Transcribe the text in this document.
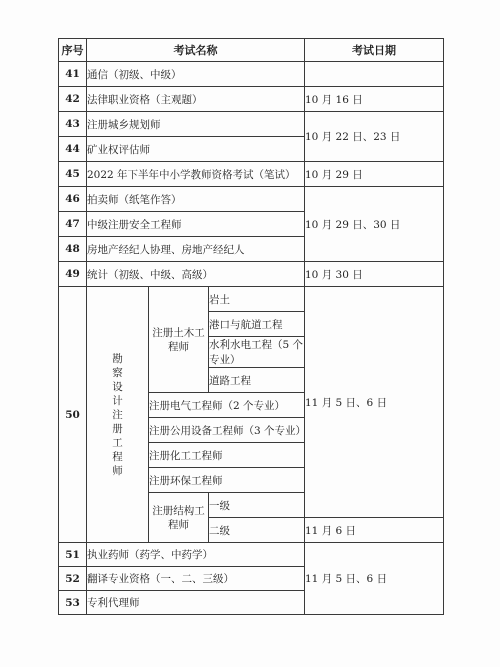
序号	考试名称			考试日期
41	通信（初级、中级）			
42	法律职业资格（主观题）			10 月 16 日
43	注册城乡规划师			10 月 22 日、23 日
44	矿业权评估师			
45	2022 年下半年中小学教师资格考试（笔试）			10 月 29 日
46	拍卖师（纸笔作答）			10 月 29 日、30 日
47	中级注册安全工程师			
48	房地产经纪人协理、房地产经纪人			
49	统计（初级、中级、高级）			10 月 30 日
50	勘察设计注册工程师	注册土木工程师	岩土	11 月 5 日、6 日
			港口与航道工程	
			水利水电工程（5 个专业）	
			道路工程	
		注册电气工程师（2 个专业）		
		注册公用设备工程师（3 个专业）		
		注册化工工程师		
		注册环保工程师		
		注册结构工程师	一级	
			二级	11 月 6 日
51	执业药师（药学、中药学）			11 月 5 日、6 日
52	翻译专业资格（一、二、三级）			
53	专利代理师			
